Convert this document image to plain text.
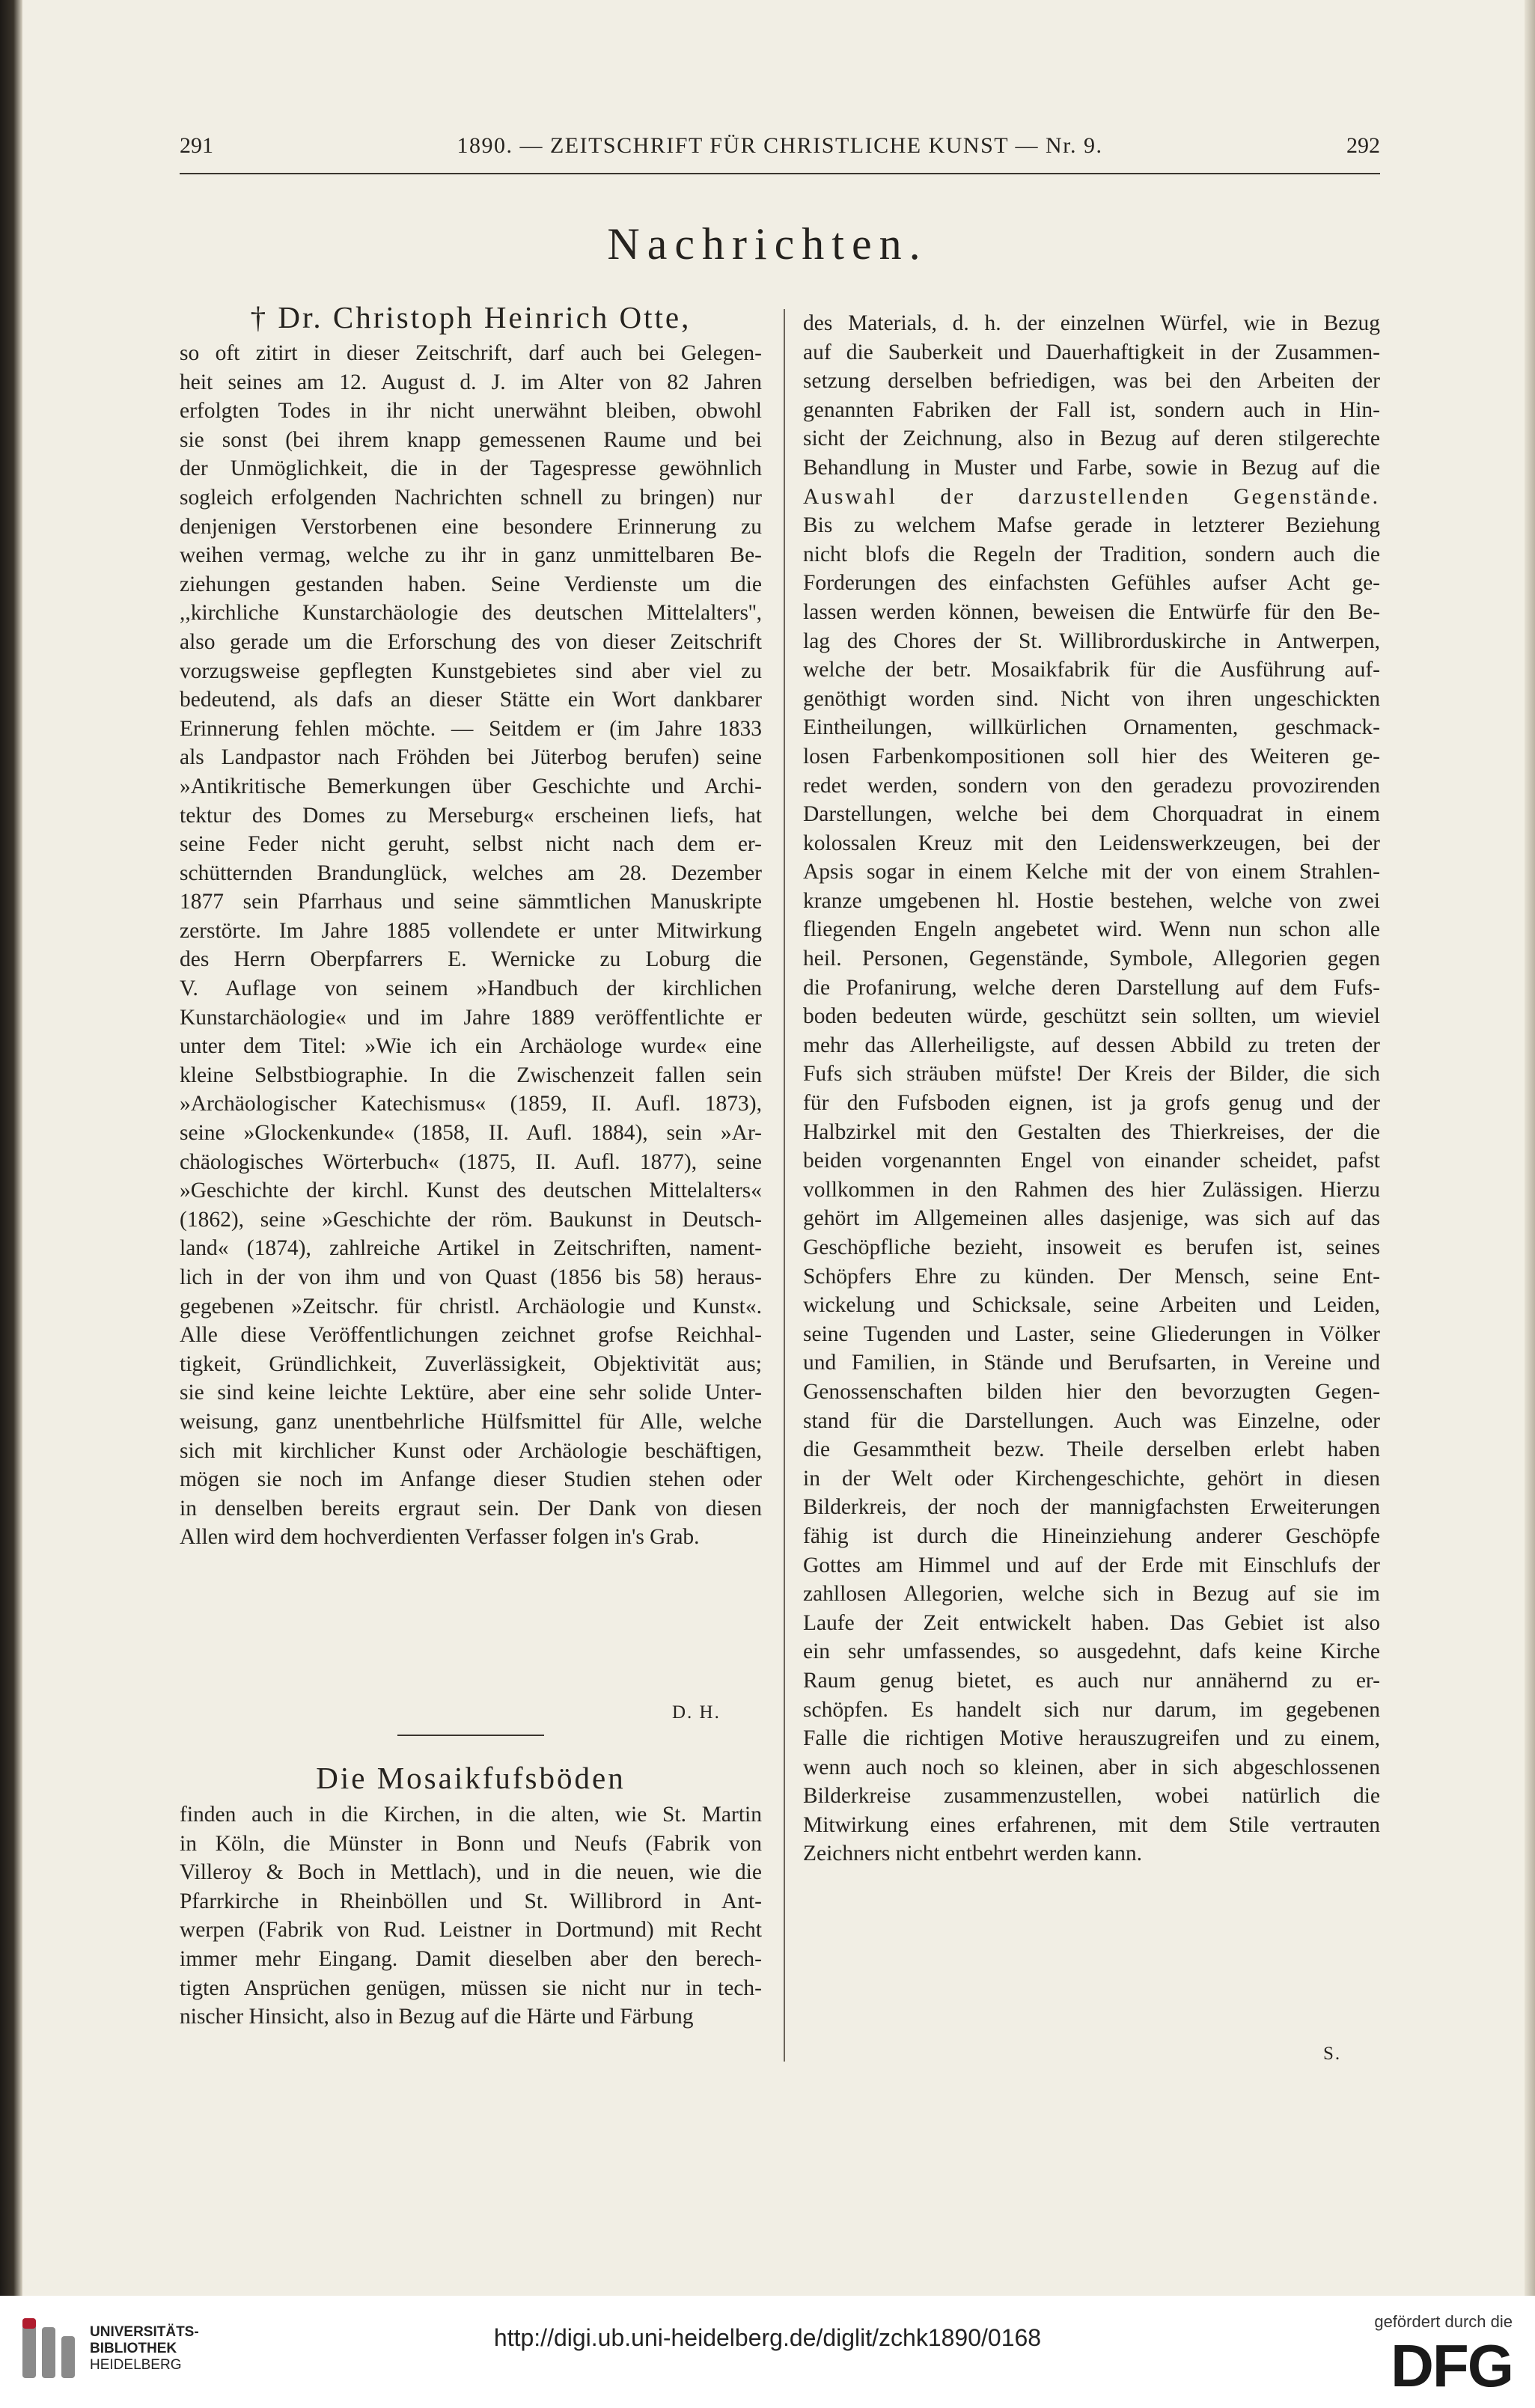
291	1890. — ZEITSCHRIFT FÜR CHRISTLICHE KUNST — Nr. 9.	292
Nachrichten.
† Dr. Christoph Heinrich Otte,
so oft zitirt in dieser Zeitschrift, darf auch bei Gelegen-
heit seines am 12. August d. J. im Alter von 82 Jahren
erfolgten Todes in ihr nicht unerwähnt bleiben, obwohl
sie sonst (bei ihrem knapp gemessenen Raume und bei
der Unmöglichkeit, die in der Tagespresse gewöhnlich
sogleich erfolgenden Nachrichten schnell zu bringen) nur
denjenigen Verstorbenen eine besondere Erinnerung zu
weihen vermag, welche zu ihr in ganz unmittelbaren Be-
ziehungen gestanden haben. Seine Verdienste um die
,,kirchliche Kunstarchäologie des deutschen Mittelalters'',
also gerade um die Erforschung des von dieser Zeitschrift
vorzugsweise gepflegten Kunstgebietes sind aber viel zu
bedeutend, als dafs an dieser Stätte ein Wort dankbarer
Erinnerung fehlen möchte. — Seitdem er (im Jahre 1833
als Landpastor nach Fröhden bei Jüterbog berufen) seine
»Antikritische Bemerkungen über Geschichte und Archi-
tektur des Domes zu Merseburg« erscheinen liefs, hat
seine Feder nicht geruht, selbst nicht nach dem er-
schütternden Brandunglück, welches am 28. Dezember
1877 sein Pfarrhaus und seine sämmtlichen Manuskripte
zerstörte. Im Jahre 1885 vollendete er unter Mitwirkung
des Herrn Oberpfarrers E. Wernicke zu Loburg die
V. Auflage von seinem »Handbuch der kirchlichen
Kunstarchäologie« und im Jahre 1889 veröffentlichte er
unter dem Titel: »Wie ich ein Archäologe wurde« eine
kleine Selbstbiographie. In die Zwischenzeit fallen sein
»Archäologischer Katechismus« (1859, II. Aufl. 1873),
seine »Glockenkunde« (1858, II. Aufl. 1884), sein »Ar-
chäologisches Wörterbuch« (1875, II. Aufl. 1877), seine
»Geschichte der kirchl. Kunst des deutschen Mittelalters«
(1862), seine »Geschichte der röm. Baukunst in Deutsch-
land« (1874), zahlreiche Artikel in Zeitschriften, nament-
lich in der von ihm und von Quast (1856 bis 58) heraus-
gegebenen »Zeitschr. für christl. Archäologie und Kunst«.
Alle diese Veröffentlichungen zeichnet grofse Reichhal-
tigkeit, Gründlichkeit, Zuverlässigkeit, Objektivität aus;
sie sind keine leichte Lektüre, aber eine sehr solide Unter-
weisung, ganz unentbehrliche Hülfsmittel für Alle, welche
sich mit kirchlicher Kunst oder Archäologie beschäftigen,
mögen sie noch im Anfange dieser Studien stehen oder
in denselben bereits ergraut sein. Der Dank von diesen
Allen wird dem hochverdienten Verfasser folgen in's Grab.
D. H.
Die Mosaikfufsböden
finden auch in die Kirchen, in die alten, wie St. Martin
in Köln, die Münster in Bonn und Neufs (Fabrik von
Villeroy & Boch in Mettlach), und in die neuen, wie die
Pfarrkirche in Rheinböllen und St. Willibrord in Ant-
werpen (Fabrik von Rud. Leistner in Dortmund) mit Recht
immer mehr Eingang. Damit dieselben aber den berech-
tigten Ansprüchen genügen, müssen sie nicht nur in tech-
nischer Hinsicht, also in Bezug auf die Härte und Färbung
des Materials, d. h. der einzelnen Würfel, wie in Bezug
auf die Sauberkeit und Dauerhaftigkeit in der Zusammen-
setzung derselben befriedigen, was bei den Arbeiten der
genannten Fabriken der Fall ist, sondern auch in Hin-
sicht der Zeichnung, also in Bezug auf deren stilgerechte
Behandlung in Muster und Farbe, sowie in Bezug auf die
Auswahl der darzustellenden Gegenstände.
Bis zu welchem Mafse gerade in letzterer Beziehung
nicht blofs die Regeln der Tradition, sondern auch die
Forderungen des einfachsten Gefühles aufser Acht ge-
lassen werden können, beweisen die Entwürfe für den Be-
lag des Chores der St. Willibrorduskirche in Antwerpen,
welche der betr. Mosaikfabrik für die Ausführung auf-
genöthigt worden sind. Nicht von ihren ungeschickten
Eintheilungen, willkürlichen Ornamenten, geschmack-
losen Farbenkompositionen soll hier des Weiteren ge-
redet werden, sondern von den geradezu provozirenden
Darstellungen, welche bei dem Chorquadrat in einem
kolossalen Kreuz mit den Leidenswerkzeugen, bei der
Apsis sogar in einem Kelche mit der von einem Strahlen-
kranze umgebenen hl. Hostie bestehen, welche von zwei
fliegenden Engeln angebetet wird. Wenn nun schon alle
heil. Personen, Gegenstände, Symbole, Allegorien gegen
die Profanirung, welche deren Darstellung auf dem Fufs-
boden bedeuten würde, geschützt sein sollten, um wieviel
mehr das Allerheiligste, auf dessen Abbild zu treten der
Fufs sich sträuben müfste! Der Kreis der Bilder, die sich
für den Fufsboden eignen, ist ja grofs genug und der
Halbzirkel mit den Gestalten des Thierkreises, der die
beiden vorgenannten Engel von einander scheidet, pafst
vollkommen in den Rahmen des hier Zulässigen. Hierzu
gehört im Allgemeinen alles dasjenige, was sich auf das
Geschöpfliche bezieht, insoweit es berufen ist, seines
Schöpfers Ehre zu künden. Der Mensch, seine Ent-
wickelung und Schicksale, seine Arbeiten und Leiden,
seine Tugenden und Laster, seine Gliederungen in Völker
und Familien, in Stände und Berufsarten, in Vereine und
Genossenschaften bilden hier den bevorzugten Gegen-
stand für die Darstellungen. Auch was Einzelne, oder
die Gesammtheit bezw. Theile derselben erlebt haben
in der Welt oder Kirchengeschichte, gehört in diesen
Bilderkreis, der noch der mannigfachsten Erweiterungen
fähig ist durch die Hineinziehung anderer Geschöpfe
Gottes am Himmel und auf der Erde mit Einschlufs der
zahllosen Allegorien, welche sich in Bezug auf sie im
Laufe der Zeit entwickelt haben. Das Gebiet ist also
ein sehr umfassendes, so ausgedehnt, dafs keine Kirche
Raum genug bietet, es auch nur annähernd zu er-
schöpfen. Es handelt sich nur darum, im gegebenen
Falle die richtigen Motive herauszugreifen und zu einem,
wenn auch noch so kleinen, aber in sich abgeschlossenen
Bilderkreise zusammenzustellen, wobei natürlich die
Mitwirkung eines erfahrenen, mit dem Stile vertrauten
Zeichners nicht entbehrt werden kann.
S.
UNIVERSITÄTS-
BIBLIOTHEK
HEIDELBERG
http://digi.ub.uni-heidelberg.de/diglit/zchk1890/0168
gefördert durch die
DFG
